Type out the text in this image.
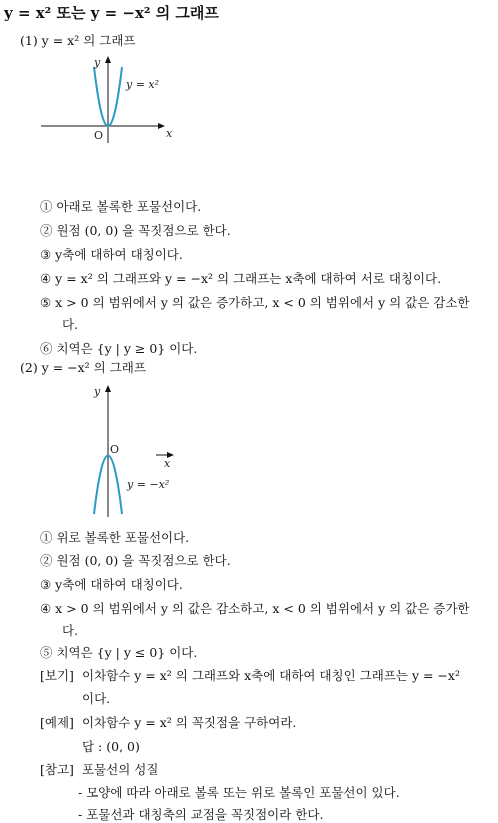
y = x² 또는 y = −x² 의 그래프
(1) y = x² 의 그래프
y
x
O
y = x²
① 아래로 볼록한 포물선이다.
② 원점 (0, 0) 을 꼭짓점으로 한다.
③ y축에 대하여 대칭이다.
④ y = x² 의 그래프와 y = −x² 의 그래프는 x축에 대하여 서로 대칭이다.
⑤ x > 0 의 범위에서 y 의 값은 증가하고, x < 0 의 범위에서 y 의 값은 감소한
다.
⑥ 치역은 {y | y ≥ 0} 이다.
(2) y = −x² 의 그래프
y
x
O
y = −x²
① 위로 볼록한 포물선이다.
② 원점 (0, 0) 을 꼭짓점으로 한다.
③ y축에 대하여 대칭이다.
④ x > 0 의 범위에서 y 의 값은 감소하고, x < 0 의 범위에서 y 의 값은 증가한
다.
⑤ 치역은 {y | y ≤ 0} 이다.
[보기] 이차함수 y = x² 의 그래프와 x축에 대하여 대칭인 그래프는 y = −x²
이다.
[예제] 이차함수 y = x² 의 꼭짓점을 구하여라.
답 : (0, 0)
[참고] 포물선의 성질
- 모양에 따라 아래로 볼록 또는 위로 볼록인 포물선이 있다.
- 포물선과 대칭축의 교점을 꼭짓점이라 한다.
